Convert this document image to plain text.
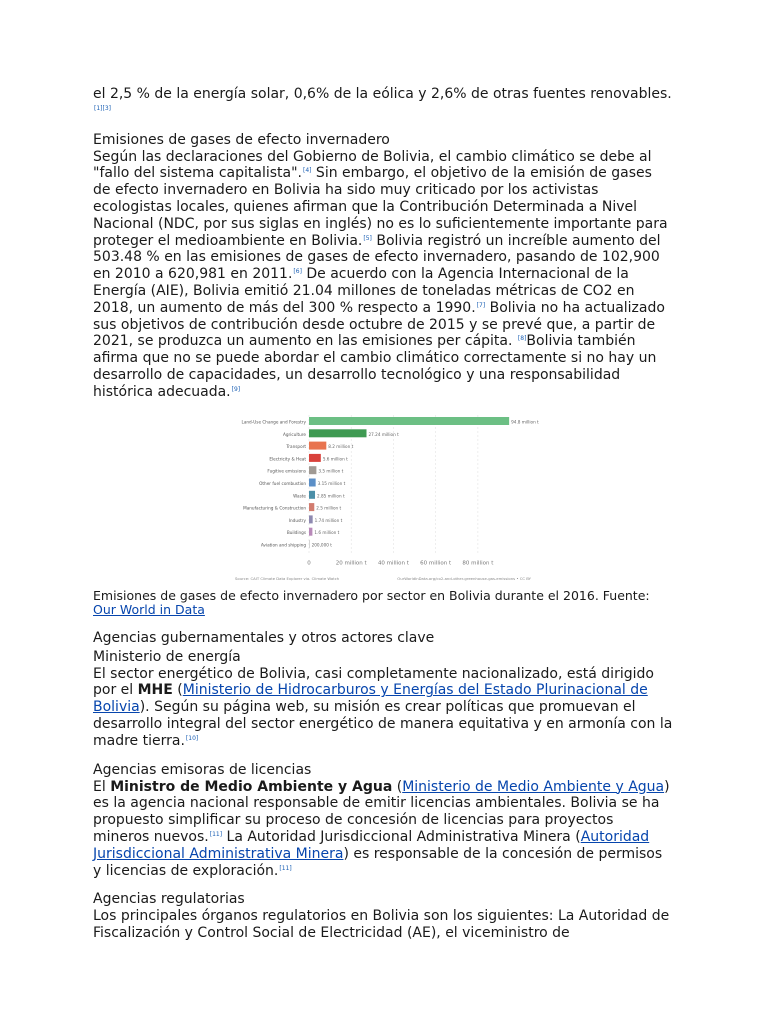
el 2,5 % de la energía solar, 0,6% de la eólica y 2,6% de otras fuentes renovables.[1][3]

Emisiones de gases de efecto invernadero

Según las declaraciones del Gobierno de Bolivia, el cambio climático se debe al "fallo del sistema capitalista".[4] Sin embargo, el objetivo de la emisión de gases de efecto invernadero en Bolivia ha sido muy criticado por los activistas ecologistas locales, quienes afirman que la Contribución Determinada a Nivel Nacional (NDC, por sus siglas en inglés) no es lo suficientemente importante para proteger el medioambiente en Bolivia.[5] Bolivia registró un increíble aumento del 503.48 % en las emisiones de gases de efecto invernadero, pasando de 102,900 en 2010 a 620,981 en 2011.[6] De acuerdo con la Agencia Internacional de la Energía (AIE), Bolivia emitió 21.04 millones de toneladas métricas de CO2 en 2018, un aumento de más del 300 % respecto a 1990.[7] Bolivia no ha actualizado sus objetivos de contribución desde octubre de 2015 y se prevé que, a partir de 2021, se produzca un aumento en las emisiones per cápita. [8]Bolivia también afirma que no se puede abordar el cambio climático correctamente si no hay un desarrollo de capacidades, un desarrollo tecnológico y una responsabilidad histórica adecuada.[9]

0	20 million t 40 million t 60 million t 80 million t
Land-Use Change and Forestry	94.8 million t
Agriculture	27.24 million t
Transport	8.2 million t
Electricity & Heat	5.6 million t
Fugitive emissions	3.5 million t
Other fuel combustion	3.15 million t
Waste	2.85 million t
Manufacturing & Construction 2.5 million t
Industry 1.74 million t
Buildings 1.6 million t
Aviation and shipping 200,000 t
Source: CAIT Climate Data Explorer via. Climate Watch	OurWorldInData.org/co2-and-other-greenhouse-gas-emissions • CC BY

Emisiones de gases de efecto invernadero por sector en Bolivia durante el 2016. Fuente: Our World in Data

Agencias gubernamentales y otros actores clave

Ministerio de energía

El sector energético de Bolivia, casi completamente nacionalizado, está dirigido por el MHE (Ministerio de Hidrocarburos y Energías del Estado Plurinacional de Bolivia). Según su página web, su misión es crear políticas que promuevan el desarrollo integral del sector energético de manera equitativa y en armonía con la madre tierra.[10]

Agencias emisoras de licencias

El Ministro de Medio Ambiente y Agua (Ministerio de Medio Ambiente y Agua) es la agencia nacional responsable de emitir licencias ambientales. Bolivia se ha propuesto simplificar su proceso de concesión de licencias para proyectos mineros nuevos.[11] La Autoridad Jurisdiccional Administrativa Minera (Autoridad Jurisdiccional Administrativa Minera) es responsable de la concesión de permisos y licencias de exploración.[11]

Agencias regulatorias

Los principales órganos regulatorios en Bolivia son los siguientes: La Autoridad de Fiscalización y Control Social de Electricidad (AE), el viceministro de
